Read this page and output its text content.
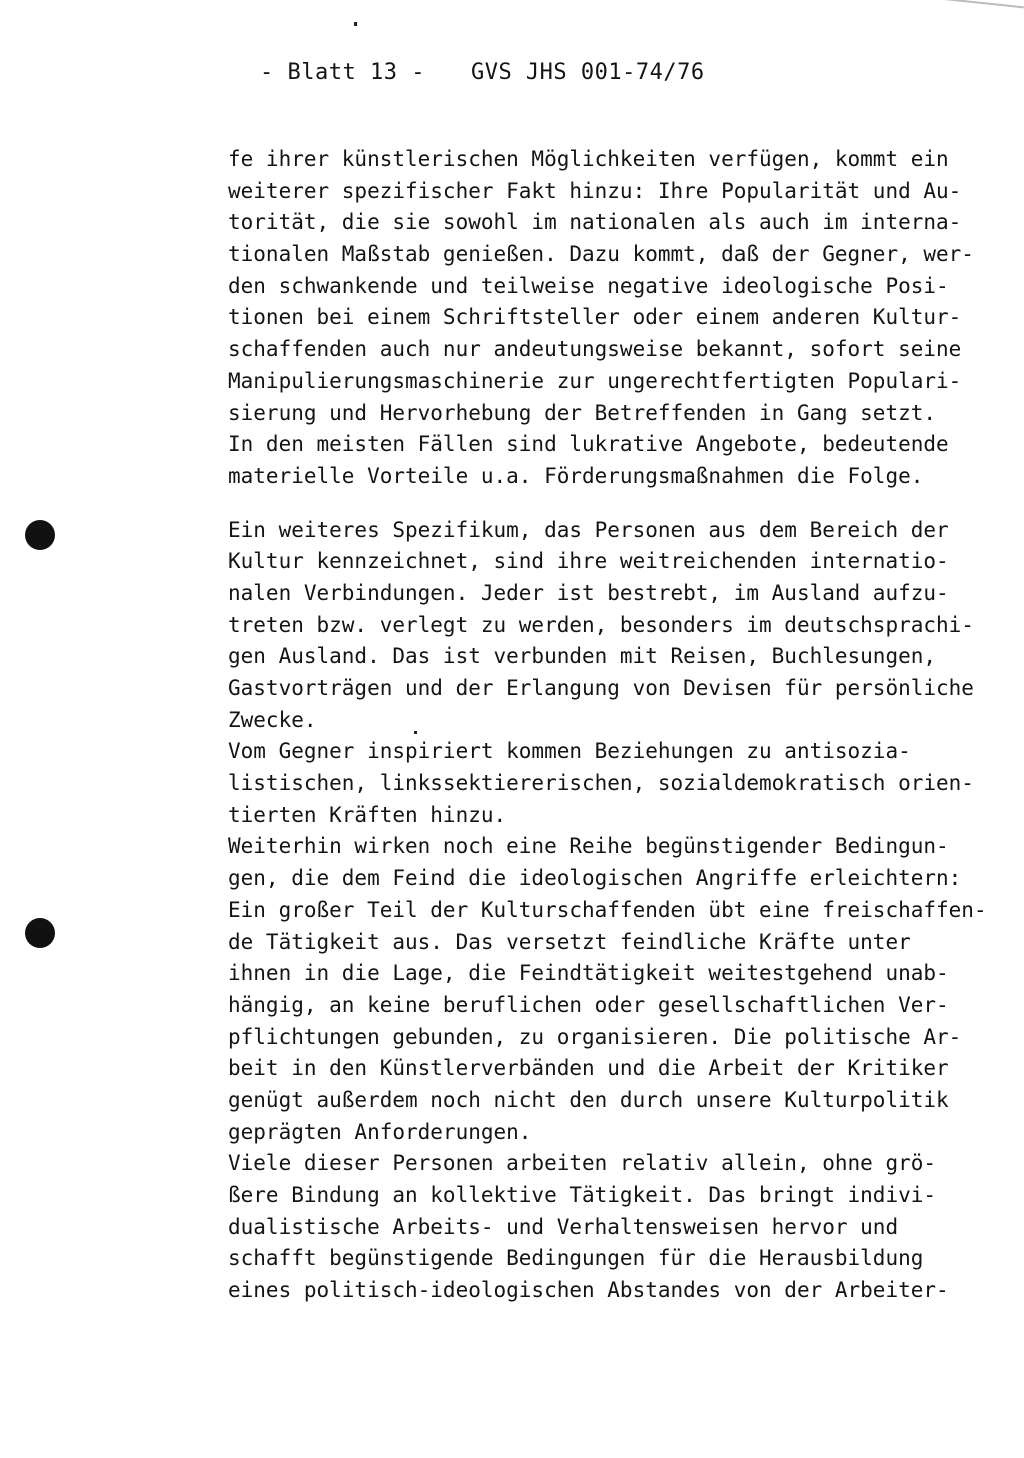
- Blatt 13 - GVS JHS 001-74/76
fe ihrer künstlerischen Möglichkeiten verfügen, kommt ein
weiterer spezifischer Fakt hinzu: Ihre Popularität und Au-
torität, die sie sowohl im nationalen als auch im interna-
tionalen Maßstab genießen. Dazu kommt, daß der Gegner, wer-
den schwankende und teilweise negative ideologische Posi-
tionen bei einem Schriftsteller oder einem anderen Kultur-
schaffenden auch nur andeutungsweise bekannt, sofort seine
Manipulierungsmaschinerie zur ungerechtfertigten Populari-
sierung und Hervorhebung der Betreffenden in Gang setzt.
In den meisten Fällen sind lukrative Angebote, bedeutende
materielle Vorteile u.a. Förderungsmaßnahmen die Folge.
Ein weiteres Spezifikum, das Personen aus dem Bereich der
Kultur kennzeichnet, sind ihre weitreichenden internatio-
nalen Verbindungen. Jeder ist bestrebt, im Ausland aufzu-
treten bzw. verlegt zu werden, besonders im deutschsprachi-
gen Ausland. Das ist verbunden mit Reisen, Buchlesungen,
Gastvorträgen und der Erlangung von Devisen für persönliche
Zwecke.
Vom Gegner inspiriert kommen Beziehungen zu antisozia-
listischen, linkssektiererischen, sozialdemokratisch orien-
tierten Kräften hinzu.
Weiterhin wirken noch eine Reihe begünstigender Bedingun-
gen, die dem Feind die ideologischen Angriffe erleichtern:
Ein großer Teil der Kulturschaffenden übt eine freischaffen-
de Tätigkeit aus. Das versetzt feindliche Kräfte unter
ihnen in die Lage, die Feindtätigkeit weitestgehend unab-
hängig, an keine beruflichen oder gesellschaftlichen Ver-
pflichtungen gebunden, zu organisieren. Die politische Ar-
beit in den Künstlerverbänden und die Arbeit der Kritiker
genügt außerdem noch nicht den durch unsere Kulturpolitik
geprägten Anforderungen.
Viele dieser Personen arbeiten relativ allein, ohne grö-
ßere Bindung an kollektive Tätigkeit. Das bringt indivi-
dualistische Arbeits- und Verhaltensweisen hervor und
schafft begünstigende Bedingungen für die Herausbildung
eines politisch-ideologischen Abstandes von der Arbeiter-
